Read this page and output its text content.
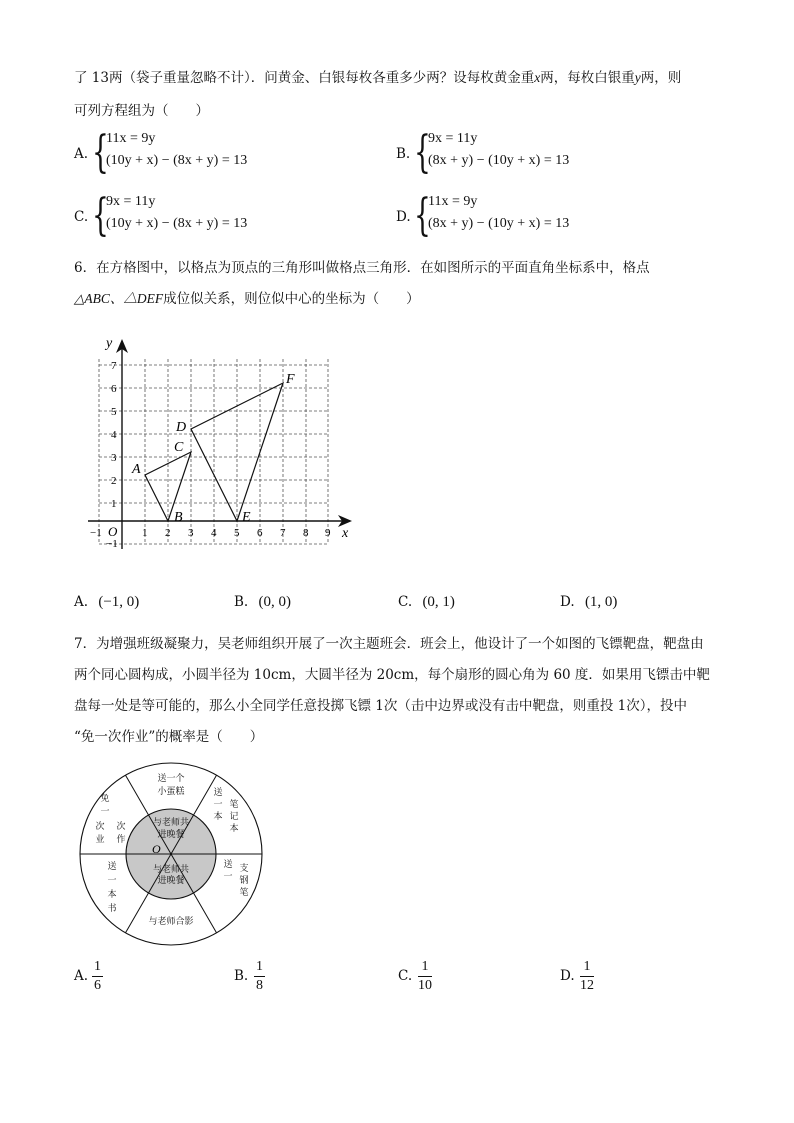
了 13两（袋子重量忽略不计）．问黄金、白银每枚各重多少两？设每枚黄金重x两，每枚白银重y两，则
可列方程组为（　　）
A. {
11x = 9y
(10y + x) − (8x + y) = 13	B. {
9x = 11y
(8x + y) − (10y + x) = 13
C. {
9x = 11y
(10y + x) − (8x + y) = 13	D. {
11x = 9y
(8x + y) − (10y + x) = 13
6．在方格图中，以格点为顶点的三角形叫做格点三角形．在如图所示的平面直角坐标系中，格点
△ABC、△DEF成位似关系，则位似中心的坐标为（　　）
x
y
O
−1	1 2 3 4 5 6 7 8 9
−1
1
2
3
4
5
6
7
A
B
C
D
E
F
A. (−1, 0)	B. (0, 0)	C. (0, 1)	D. (1, 0)
7．为增强班级凝聚力，吴老师组织开展了一次主题班会．班会上，他设计了一个如图的飞镖靶盘，靶盘由
两个同心圆构成，小圆半径为 10cm，大圆半径为 20cm，每个扇形的圆心角为 60 度．如果用飞镖击中靶
盘每一处是等可能的，那么小全同学任意投掷飞镖 1次（击中边界或没有击中靶盘，则重投 1次），投中
“免一次作业”的概率是（　　）
送一个
小蛋糕	送
一
本
笔
记
本
送
一
支
钢
笔
与老师合影
送
一
本
书
免
一
次
作
次
业
与老师共
进晚餐
与老师共
进晚餐
O
A. $\frac{1}{6}$	B. $\frac{1}{8}$	C. $\frac{1}{10}$	D. $\frac{1}{12}$
